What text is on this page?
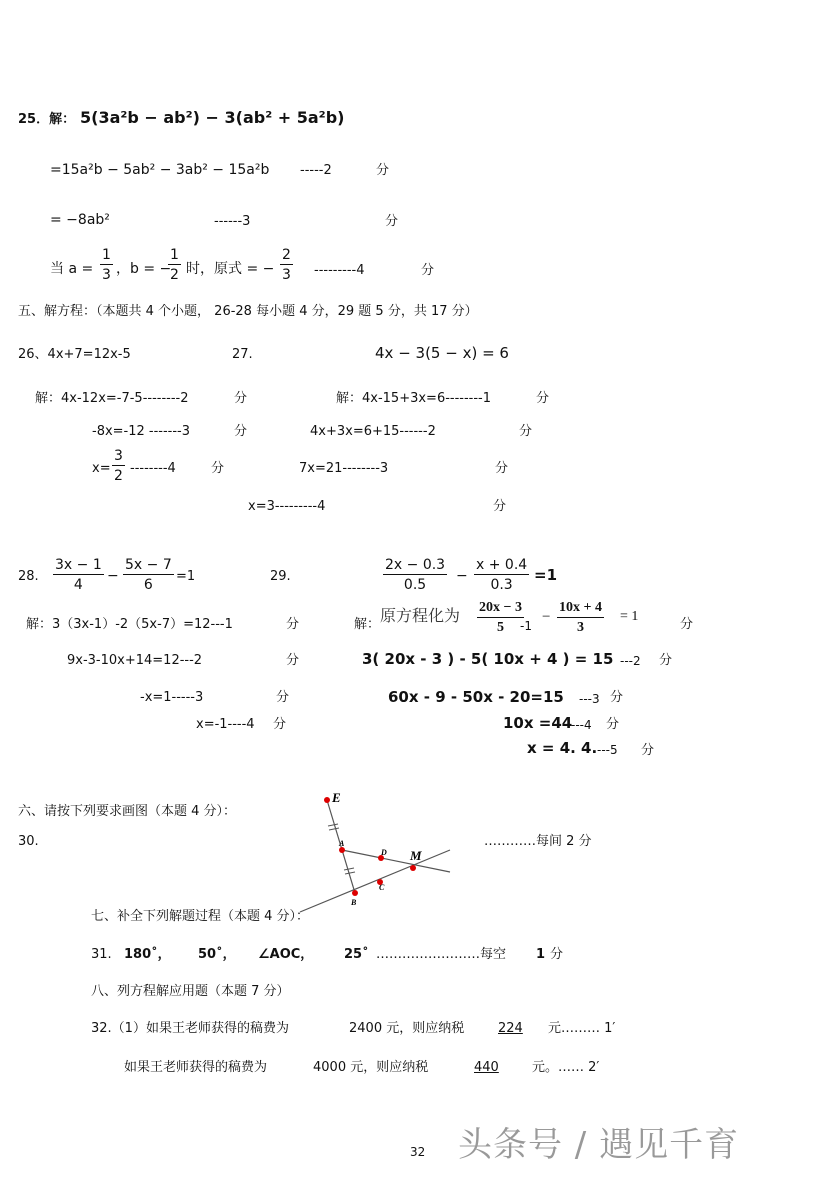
25．解： 5(3a²b − ab²) − 3(ab² + 5a²b)
=15a²b − 5ab² − 3ab² − 15a²b -----2	分
= −8ab²	------3	分
当 $a = \frac{1}{3}$ ，b = −
$\frac{1}{2}$ 时，原式 = − $\frac{2}{3} ---------4$	分
五、解方程：（本题共 4 个小题， 26-28 每小题 4 分，29 题 5 分，共 17 分）
26、4x+7=12x-5
解：4x-12x=-7-5--------2	分
-8x=-12 -------3	分
$x= \frac{3}{2} --------4$	分
27.	4x − 3(5 − x) = 6
解：4x-15+3x=6--------1	分
4x+3x=6+15------2	分
7x=21--------3	分
x=3---------4	分
28. $\frac{3x - 1}{4} - \frac{5x - 7}{6} =1$
解：3（3x-1）-2（5x-7）=12---1	分
9x-3-10x+14=12---2	分
-x=1-----3	分
x=-1----4 分
29.	$\frac{2x - 0.3}{0.5} - \frac{x + 0.4}{0.3} =1$
解： 原方程化为 $\frac{20x - 3}{5}$
-1
− $\frac{10x + 4}{3} = 1$
分
3( 20x - 3 ) - 5( 10x + 4 ) = 15 ---2 分
60x - 9 - 50x - 20=15 ---3 分
10x =44
---4 分
x = 4. 4. ---5 分
六、请按下列要求画图（本题 4 分）：
30.
E
A
D M
B
C
…………每间 2 分
七、补全下列解题过程（本题 4 分）：
31. 180˚， 50˚， ∠AOC， 25˚ ……………………每空 1 分
八、列方程解应用题（本题 7 分）
32.（1）如果王老师获得的稿费为	2400 元，则应纳税	224	元……… 1′
如果王老师获得的稿费为	4000 元，则应纳税	440	元。…… 2′
32 头条号 / 遇见千育
